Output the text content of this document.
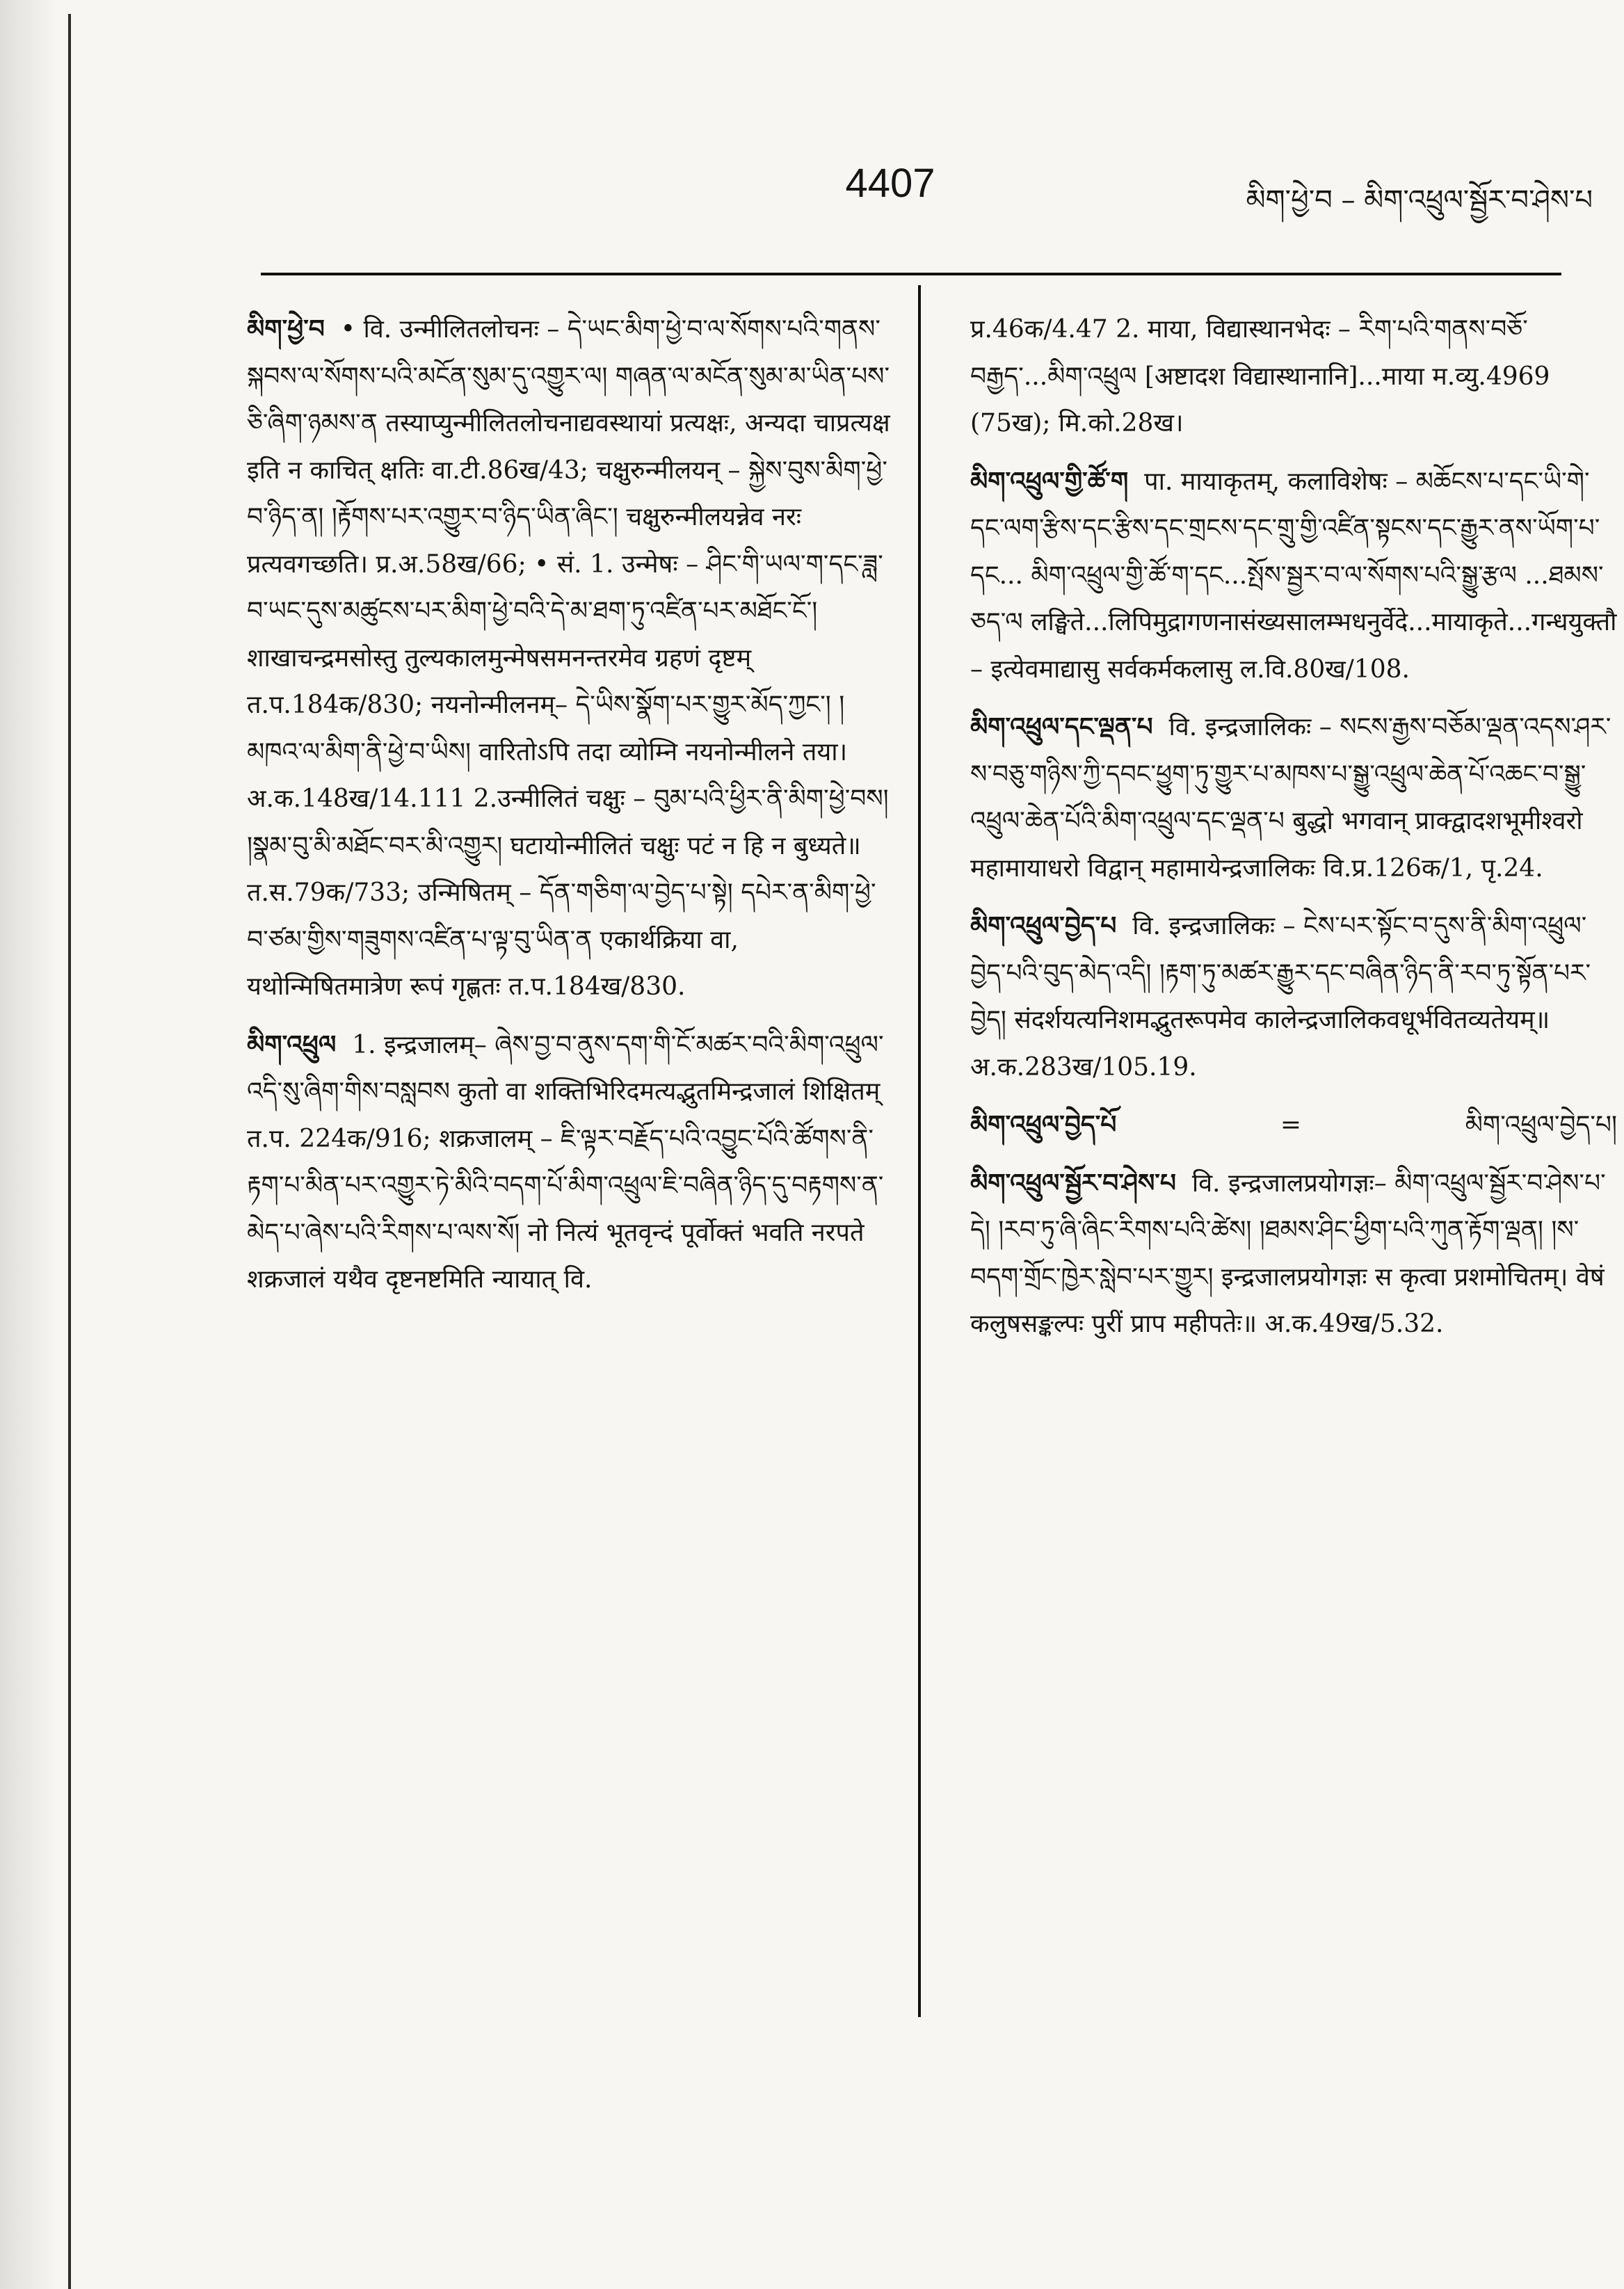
4407	མིག་ཕྱེ་བ – མིག་འཕྲུལ་སྦྱོར་བ་ཤེས་པ

མིག་ཕྱེ་བ • वि. उन्मीलितलोचनः – དེ་ཡང་མིག་ཕྱེ་བ་ལ་སོགས་པའི་གནས་སྐབས་ལ་སོགས་པའི་མངོན་སུམ་དུ་འགྱུར་ལ། གཞན་ལ་མངོན་སུམ་མ་ཡིན་པས་ཅི་ཞིག་ཉམས་ན तस्याप्युन्मीलितलोचनाद्यवस्थायां प्रत्यक्षः, अन्यदा चाप्रत्यक्ष इति न काचित् क्षतिः वा.टी.86ख/43; चक्षुरुन्मीलयन् – སྐྱེས་བུས་མིག་ཕྱེ་བ་ཉིད་ན། །རྟོགས་པར་འགྱུར་བ་ཉིད་ཡིན་ཞིང༌། चक्षुरुन्मीलयन्नेव नरः प्रत्यवगच्छति। प्र.अ.58ख/66; • सं. 1. उन्मेषः – ཤིང་གི་ཡལ་ག་དང་ཟླ་བ་ཡང་དུས་མཚུངས་པར་མིག་ཕྱེ་བའི་དེ་མ་ཐག་ཏུ་འཛིན་པར་མཐོང་ངོ༌། शाखाचन्द्रमसोस्तु तुल्यकालमुन्मेषसमनन्तरमेव ग्रहणं दृष्टम् त.प.184क/830; नयनोन्मीलनम्– དེ་ཡིས་སྣོག་པར་གྱུར་མོད་ཀྱང་། །མཁའ་ལ་མིག་ནི་ཕྱེ་བ་ཡིས། वारितोऽपि तदा व्योम्नि नयनोन्मीलने तया। अ.क.148ख/14.111 2.उन्मीलितं चक्षुः – བུམ་པའི་ཕྱིར་ནི་མིག་ཕྱེ་བས། །སྣམ་བུ་མི་མཐོང་བར་མི་འགྱུར། घटायोन्मीलितं चक्षुः पटं न हि न बुध्यते॥ त.स.79क/733; उन्मिषितम् – དོན་གཅིག་ལ་བྱེད་པ་སྟེ། དཔེར་ན་མིག་ཕྱེ་བ་ཙམ་གྱིས་གཟུགས་འཛིན་པ་ལྟ་བུ་ཡིན་ན एकार्थक्रिया वा, यथोन्मिषितमात्रेण रूपं गृह्णतः त.प.184ख/830.

མིག་འཕྲུལ 1. इन्द्रजालम्– ཞེས་བྱ་བ་ནུས་དག་གི་ངོ་མཚར་བའི་མིག་འཕྲུལ་འདི་སུ་ཞིག་གིས་བསླབས कुतो वा शक्तिभिरिदमत्यद्भुतमिन्द्रजालं शिक्षितम् त.प. 224क/916; शक्रजालम् – ཇི་ལྟར་བརྗོད་པའི་འབྱུང་པོའི་ཚོགས་ནི་རྟག་པ་མིན་པར་འགྱུར་ཏེ་མིའི་བདག་པོ་མིག་འཕྲུལ་ཇི་བཞིན་ཉིད་དུ་བརྟགས་ན་མེད་པ་ཞེས་པའི་རིགས་པ་ལས་སོ། नो नित्यं भूतवृन्दं पूर्वोक्तं भवति नरपते शक्रजालं यथैव दृष्टनष्टमिति न्यायात् वि.

प्र.46क/4.47 2. माया, विद्यास्थानभेदः – རིག་པའི་གནས་བཅོ་བརྒྱད་...མིག་འཕྲུལ [अष्टादश विद्यास्थानानि]...माया म.व्यु.4969 (75ख); मि.को.28ख।

མིག་འཕྲུལ་གྱི་ཚོ་ག पा. मायाकृतम्, कलाविशेषः – མཆོངས་པ་དང་ཡི་གེ་དང་ལག་རྩིས་དང་རྩིས་དང་གྲངས་དང་གྲུ་གྱི་འཛིན་སྟངས་དང་རྒྱུར་ནས་ཡོག་པ་དང... མིག་འཕྲུལ་གྱི་ཚོ་ག་དང...སྤོས་སྦྱར་བ་ལ་སོགས་པའི་སྒྱུ་རྩལ ...ཐམས་ཅད་ལ लङ्घिते...लिपिमुद्रागणनासंख्यसालम्भधनुर्वेदे...मायाकृते...गन्धयुक्तौ – इत्येवमाद्यासु सर्वकर्मकलासु ल.वि.80ख/108.

མིག་འཕྲུལ་དང་ལྡན་པ वि. इन्द्रजालिकः – སངས་རྒྱས་བཅོམ་ལྡན་འདས་ཤར་ས་བཅུ་གཉིས་ཀྱི་དབང་ཕྱུག་ཏུ་གྱུར་པ་མཁས་པ་སྒྱུ་འཕྲུལ་ཆེན་པོ་འཆང་བ་སྒྱུ་འཕྲུལ་ཆེན་པོའི་མིག་འཕྲུལ་དང་ལྡན་པ बुद्धो भगवान् प्राक्द्वादशभूमीश्वरो महामायाधरो विद्वान् महामायेन्द्रजालिकः वि.प्र.126क/1, पृ.24.

མིག་འཕྲུལ་བྱེད་པ वि. इन्द्रजालिकः – ངེས་པར་སྟོང་བ་དུས་ནི་མིག་འཕྲུལ་བྱེད་པའི་བུད་མེད་འདི། །རྟག་ཏུ་མཚར་རྒྱུར་དང་བཞིན་ཉིད་ནི་རབ་ཏུ་སྟོན་པར་བྱེད། संदर्शयत्यनिशमद्भुतरूपमेव कालेन्द्रजालिकवधूर्भवितव्यतेयम्॥ अ.क.283ख/105.19.

མིག་འཕྲུལ་བྱེད་པོ	=	མིག་འཕྲུལ་བྱེད་པ།

མིག་འཕྲུལ་སྦྱོར་བ་ཤེས་པ वि. इन्द्रजालप्रयोगज्ञः– མིག་འཕྲུལ་སྦྱོར་བ་ཤེས་པ་དེ། །རབ་ཏུ་ཞི་ཞིང་རིགས་པའི་ཚེས། །ཐམས་ཤིང་ཕྱིག་པའི་ཀུན་རྟོག་ལྡན། །ས་བདག་གྲོང་ཁྱེར་སླེབ་པར་གྱུར། इन्द्रजालप्रयोगज्ञः स कृत्वा प्रशमोचितम्। वेषं कलुषसङ्कल्पः पुरीं प्राप महीपतेः॥ अ.क.49ख/5.32.
